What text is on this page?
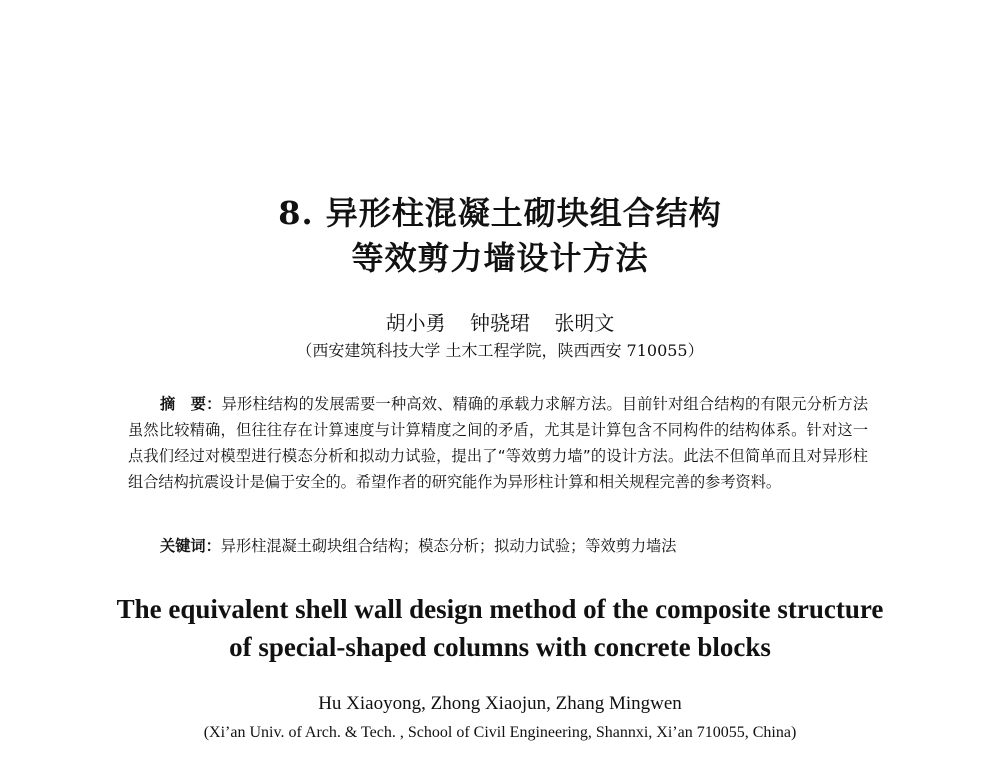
8. 异形柱混凝土砌块组合结构
等效剪力墙设计方法
胡小勇 钟骁珺 张明文
（西安建筑科技大学 土木工程学院，陕西西安 710055）
摘　要：异形柱结构的发展需要一种高效、精确的承载力求解方法。目前针对组合结构的有限元分析方法虽然比较精确，但往往存在计算速度与计算精度之间的矛盾，尤其是计算包含不同构件的结构体系。针对这一点我们经过对模型进行模态分析和拟动力试验，提出了“等效剪力墙”的设计方法。此法不但简单而且对异形柱组合结构抗震设计是偏于安全的。希望作者的研究能作为异形柱计算和相关规程完善的参考资料。
关键词：异形柱混凝土砌块组合结构；模态分析；拟动力试验；等效剪力墙法
The equivalent shell wall design method of the composite structure
of special-shaped columns with concrete blocks
Hu Xiaoyong, Zhong Xiaojun, Zhang Mingwen
(Xi’an Univ. of Arch. & Tech. , School of Civil Engineering, Shannxi, Xi’an 710055, China)
